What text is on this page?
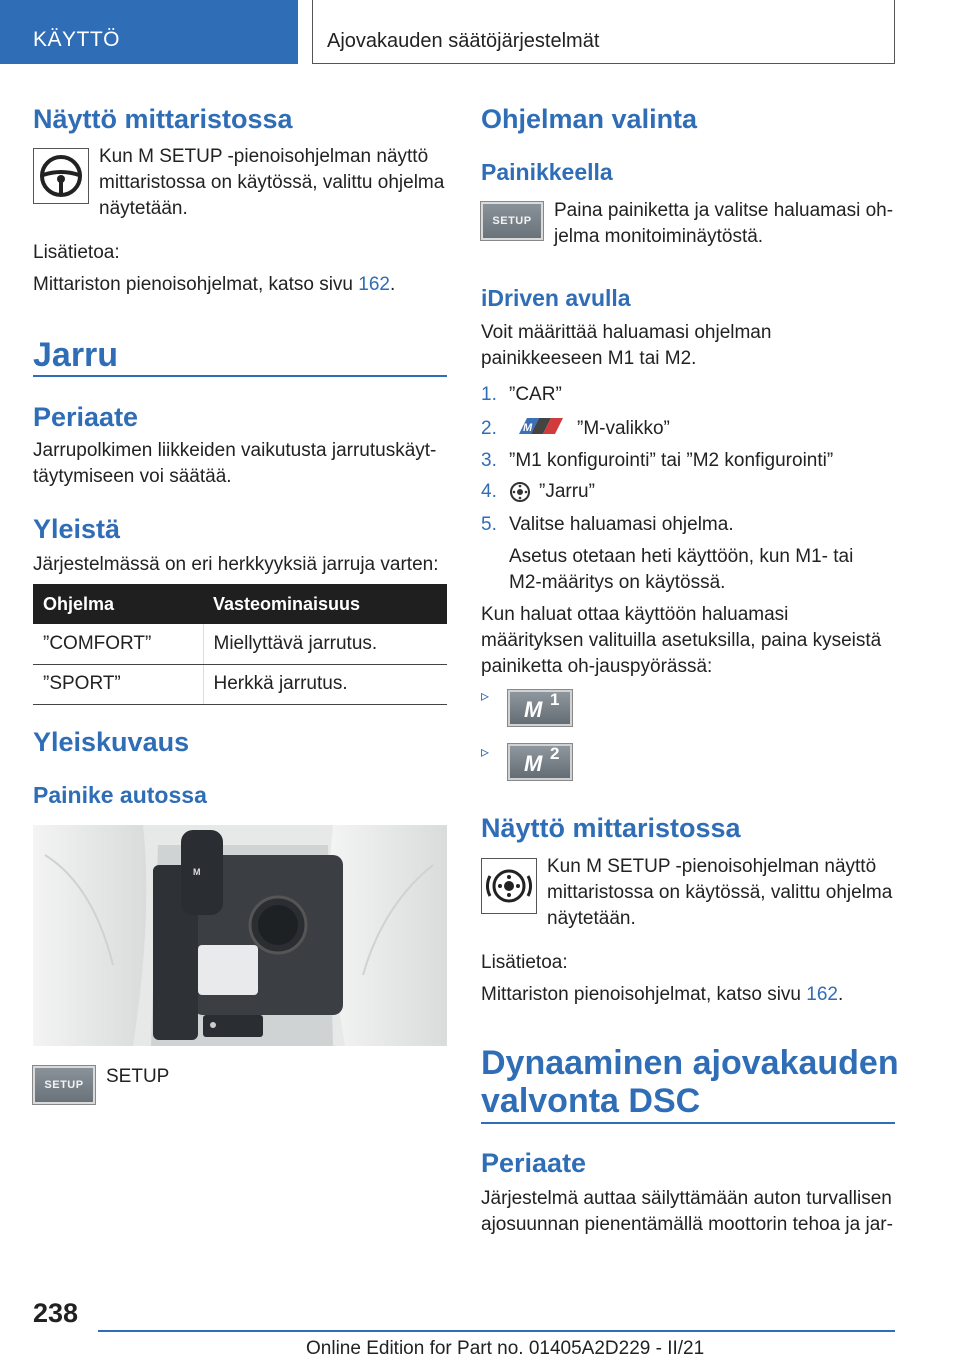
KÄYTTÖ	Ajovakauden säätöjärjestelmät
Näyttö mittaristossa

Kun M SETUP -pienoisohjelman näyttö mittaristossa on käytössä, valittu ohjelma näytetään.

Lisätietoa:

Mittariston pienoisohjelmat, katso sivu 162.

Jarru
Periaate

Jarrupolkimen liikkeiden vaikutusta jarrutuskäyt-täytymiseen voi säätää.

Yleistä

Järjestelmässä on eri herkkyyksiä jarruja varten:

Ohjelma	Vasteominaisuus
”COMFORT”	Miellyttävä jarrutus.
”SPORT”	Herkkä jarrutus.
Yleiskuvaus
Painike autossa
M
SETUP	SETUP

Ohjelman valinta
Painikkeella
SETUP	Paina painiketta ja valitse haluamasi oh-jelma monitoiminäytöstä.

iDriven avulla

Voit määrittää haluamasi ohjelman painikkeeseen M1 tai M2.

1. ”CAR”
2. M ”M-valikko”
3. ”M1 konfigurointi” tai ”M2 konfigurointi”
4. ”Jarru”
5. Valitse haluamasi ohjelma.

Asetus otetaan heti käyttöön, kun M1- tai M2-määritys on käytössä.

Kun haluat ottaa käyttöön haluamasi määrityksen valituilla asetuksilla, paina kyseistä painiketta oh-jauspyörässä:

▹
M 1
▹ M 2
Näyttö mittaristossa

Kun M SETUP -pienoisohjelman näyttö mittaristossa on käytössä, valittu ohjelma näytetään.

Lisätietoa:

Mittariston pienoisohjelmat, katso sivu 162.

Dynaaminen ajovakauden
valvonta DSC
Periaate

Järjestelmä auttaa säilyttämään auton turvallisen ajosuunnan pienentämällä moottorin tehoa ja jar-

238
Online Edition for Part no. 01405A2D229 - II/21
